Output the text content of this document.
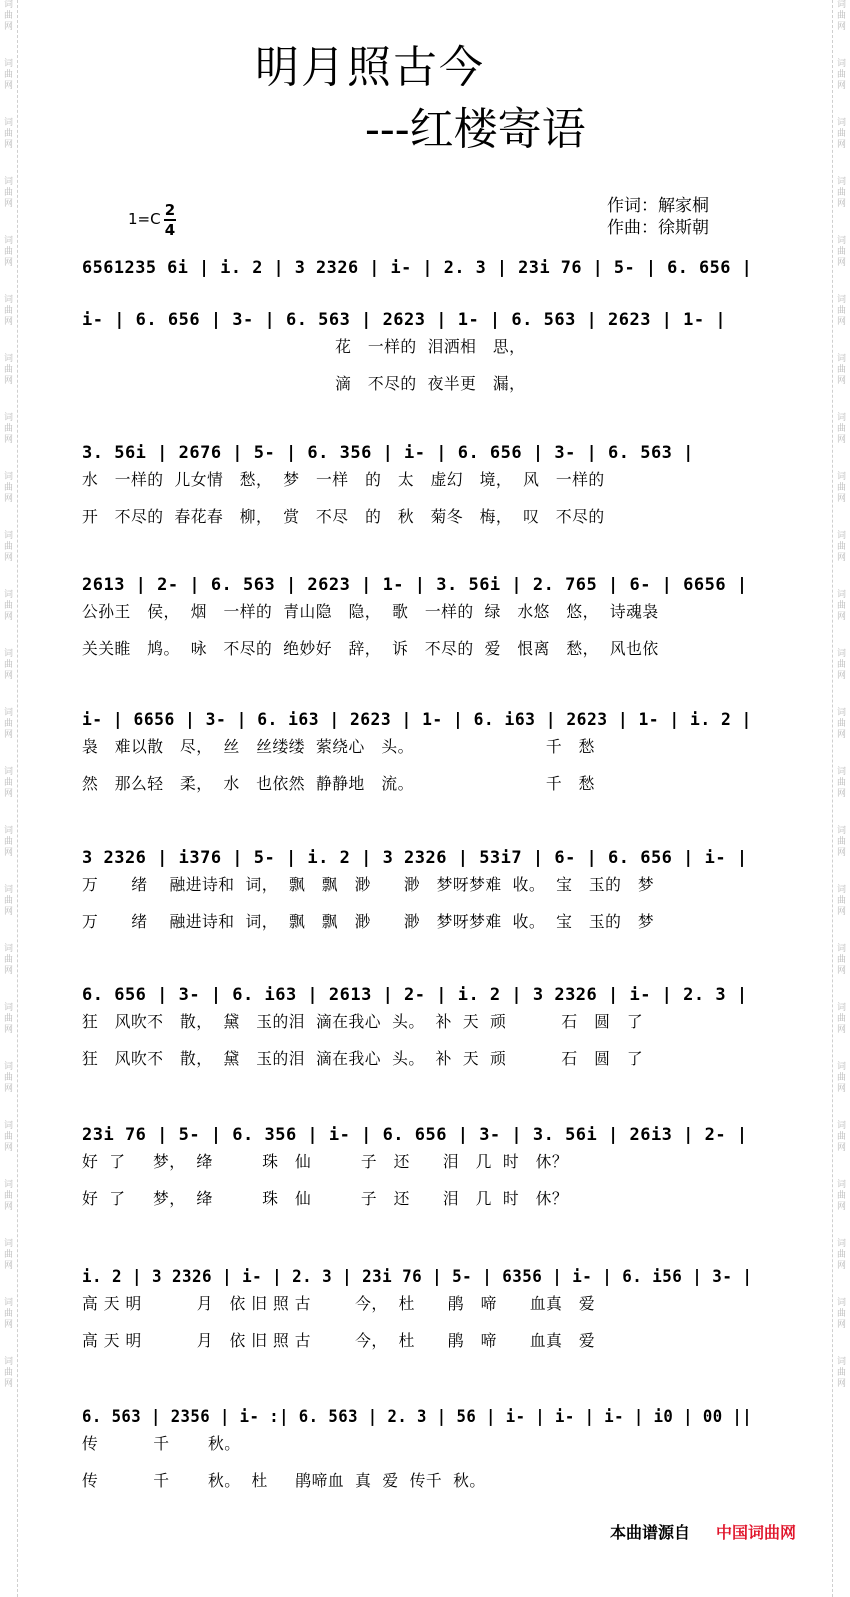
词
曲
网
词
曲
网
词
曲
网
词
曲
网
词
曲
网
词
曲
网
词
曲
网
词
曲
网
词
曲
网
词
曲
网
词
曲
网
词
曲
网
词
曲
网
词
曲
网
词
曲
网
词
曲
网
词
曲
网
词
曲
网
词
曲
网
词
曲
网
词
曲
网
词
曲
网
词
曲
网
词
曲
网
词
曲
网
词
曲
网
词
曲
网
词
曲
网
词
曲
网
词
曲
网
词
曲
网
词
曲
网
词
曲
网
词
曲
网
词
曲
网
词
曲
网
词
曲
网
词
曲
网
词
曲
网
词
曲
网
词
曲
网
词
曲
网
词
曲
网
词
曲
网
词
曲
网
词
曲
网
词
曲
网
词
曲
网
明月照古今
---红楼寄语
1=C 2
4
作词：解家桐
作曲：徐斯朝
6561235 6i | i. 2 | 3 2326 | i- | 2. 3 | 23i 76 | 5- | 6. 656 |
i- | 6. 656 | 3- | 6. 563 | 2623 | 1- | 6. 563 | 2623 | 1- |
花   一样的  泪洒相   思，
滴   不尽的  夜半更   漏，
3. 56i | 2676 | 5- | 6. 356 | i- | 6. 656 | 3- | 6. 563 |
水   一样的  儿女情   愁，  梦   一样   的   太   虚幻   境，  风   一样的
开   不尽的  春花春   柳，  赏   不尽   的   秋   菊冬   梅，  叹   不尽的
2613 | 2- | 6. 563 | 2623 | 1- | 3. 56i | 2. 765 | 6- | 6656 |
公孙王   侯，  烟   一样的  青山隐   隐，  歌   一样的  绿   水悠   悠，  诗魂袅
关关睢   鸠。  咏   不尽的  绝妙好   辞，  诉   不尽的  爱   恨离   愁，  风也依
i- | 6656 | 3- | 6. i63 | 2623 | 1- | 6. i63 | 2623 | 1- | i. 2 |
袅   难以散   尽，  丝   丝缕缕  萦绕心   头。                        千   愁
然   那么轻   柔，  水   也依然  静静地   流。                        千   愁
3 2326 | i376 | 5- | i. 2 | 3 2326 | 53i7 | 6- | 6. 656 | i- |
万      绪    融进诗和  词，  飘   飘   渺      渺   梦呀梦难  收。  宝   玉的   梦
万      绪    融进诗和  词，  飘   飘   渺      渺   梦呀梦难  收。  宝   玉的   梦
6. 656 | 3- | 6. i63 | 2613 | 2- | i. 2 | 3 2326 | i- | 2. 3 |
狂   风吹不   散，  黛   玉的泪  滴在我心  头。  补  天  顽          石   圆   了
狂   风吹不   散，  黛   玉的泪  滴在我心  头。  补  天  顽          石   圆   了
23i 76 | 5- | 6. 356 | i- | 6. 656 | 3- | 3. 56i | 26i3 | 2- |
好  了     梦，  绛         珠   仙         子   还      泪   几  时   休？
好  了     梦，  绛         珠   仙         子   还      泪   几  时   休？
i. 2 | 3 2326 | i- | 2. 3 | 23i 76 | 5- | 6356 | i- | 6. i56 | 3- |
高 天 明          月   依 旧 照 古        今，  杜      鹃   啼      血真   爱
高 天 明          月   依 旧 照 古        今，  杜      鹃   啼      血真   爱
6. 563 | 2356 | i- :| 6. 563 | 2. 3 | 56 | i- | i- | i- | i0 | 00 ||
传          千       秋。
传          千       秋。  杜     鹃啼血  真  爱  传千  秋。
本曲谱源自 中国词曲网
